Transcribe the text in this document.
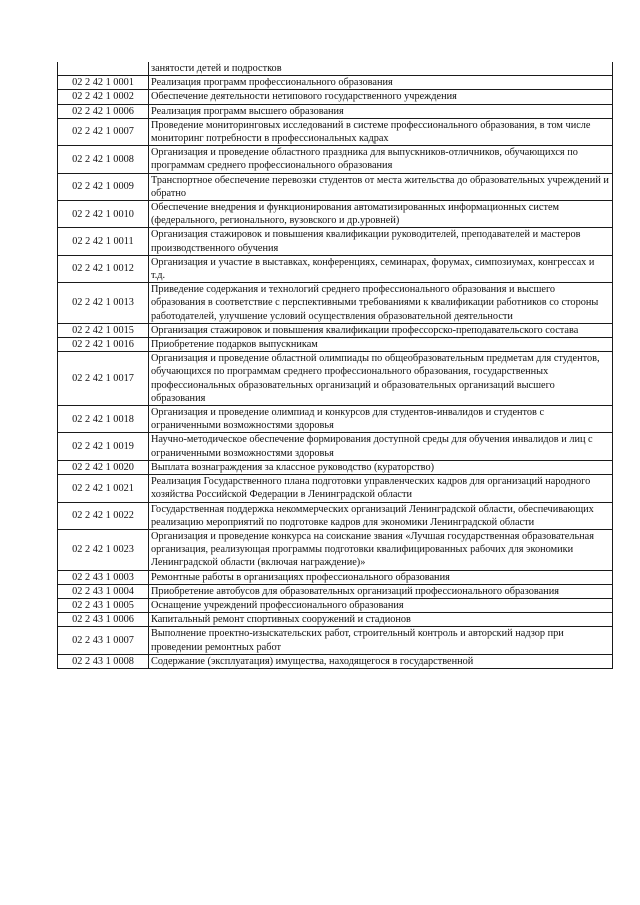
	занятости детей и подростков
02 2 42 1 0001	Реализация программ профессионального образования
02 2 42 1 0002	Обеспечение деятельности нетипового государственного учреждения
02 2 42 1 0006	Реализация программ высшего образования
02 2 42 1 0007	Проведение мониторинговых исследований в системе профессионального образования, в том числе мониторинг потребности в профессиональных кадрах
02 2 42 1 0008	Организация и проведение областного праздника для выпускников-отличников, обучающихся по программам среднего профессионального образования
02 2 42 1 0009	Транспортное обеспечение перевозки студентов от места жительства до образовательных учреждений и обратно
02 2 42 1 0010	Обеспечение внедрения и функционирования автоматизированных информационных систем (федерального, регионального, вузовского и др.уровней)
02 2 42 1 0011	Организация стажировок и повышения квалификации руководителей, преподавателей и мастеров производственного обучения
02 2 42 1 0012	Организация и участие в выставках, конференциях, семинарах, форумах, симпозиумах, конгрессах и т.д.
02 2 42 1 0013	Приведение содержания и технологий среднего профессионального образования и высшего образования в соответствие с перспективными требованиями к квалификации работников со стороны работодателей, улучшение условий осуществления образовательной деятельности
02 2 42 1 0015	Организация стажировок и повышения квалификации профессорско-преподавательского состава
02 2 42 1 0016	Приобретение подарков выпускникам
02 2 42 1 0017	Организация и проведение областной олимпиады по общеобразовательным предметам для студентов, обучающихся по программам среднего профессионального образования, государственных профессиональных образовательных организаций и образовательных организаций высшего образования
02 2 42 1 0018	Организация и проведение олимпиад и конкурсов для студентов-инвалидов и студентов с ограниченными возможностями здоровья
02 2 42 1 0019	Научно-методическое обеспечение формирования доступной среды для обучения инвалидов и лиц с ограниченными возможностями здоровья
02 2 42 1 0020	Выплата вознаграждения за классное руководство (кураторство)
02 2 42 1 0021	Реализация Государственного плана подготовки управленческих кадров для организаций народного хозяйства Российской Федерации в Ленинградской области
02 2 42 1 0022	Государственная поддержка некоммерческих организаций Ленинградской области, обеспечивающих реализацию мероприятий по подготовке кадров для экономики Ленинградской области
02 2 42 1 0023	Организация и проведение конкурса на соискание звания «Лучшая государственная образовательная организация, реализующая программы подготовки квалифицированных рабочих для экономики Ленинградской области (включая награждение)»
02 2 43 1 0003	Ремонтные работы в организациях профессионального образования
02 2 43 1 0004	Приобретение автобусов для образовательных организаций профессионального образования
02 2 43 1 0005	Оснащение учреждений профессионального образования
02 2 43 1 0006	Капитальный ремонт спортивных сооружений и стадионов
02 2 43 1 0007	Выполнение проектно-изыскательских работ, строительный контроль и авторский надзор при проведении ремонтных работ
02 2 43 1 0008	Содержание (эксплуатация) имущества, находящегося в государственной
